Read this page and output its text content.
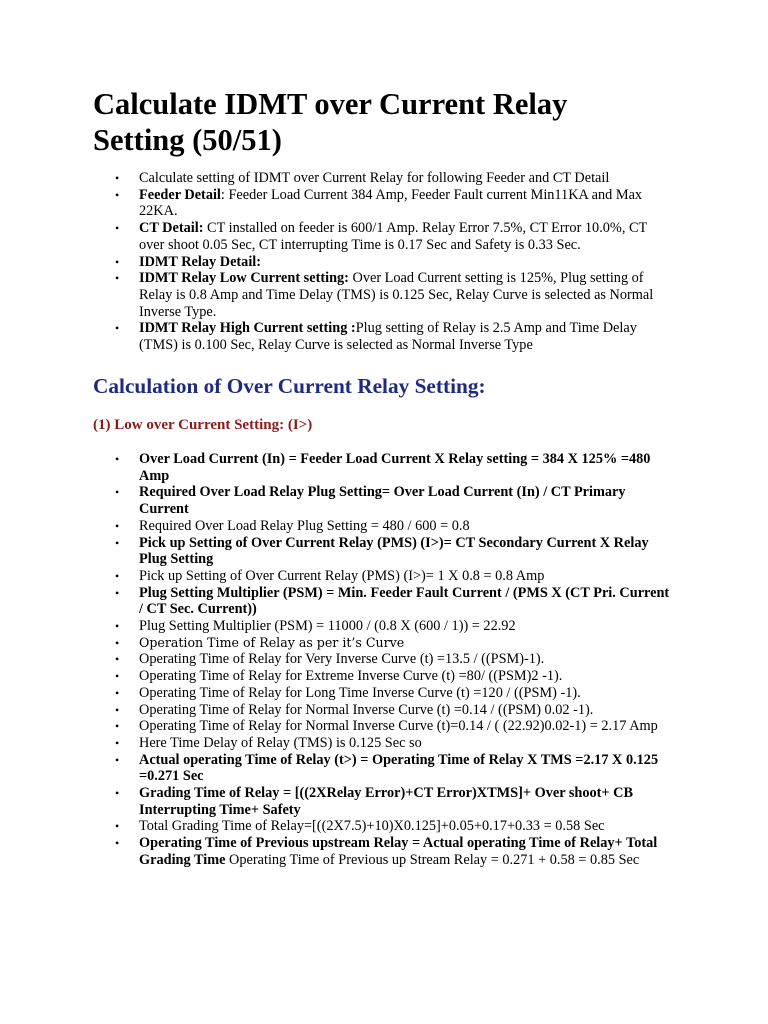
Calculate IDMT over Current Relay Setting (50/51)
• Calculate setting of IDMT over Current Relay for following Feeder and CT Detail
• Feeder Detail: Feeder Load Current 384 Amp, Feeder Fault current Min11KA and Max 22KA.
• CT Detail: CT installed on feeder is 600/1 Amp. Relay Error 7.5%, CT Error 10.0%, CT over shoot 0.05 Sec, CT interrupting Time is 0.17 Sec and Safety is 0.33 Sec.
• IDMT Relay Detail:
• IDMT Relay Low Current setting: Over Load Current setting is 125%, Plug setting of Relay is 0.8 Amp and Time Delay (TMS) is 0.125 Sec, Relay Curve is selected as Normal Inverse Type.
• IDMT Relay High Current setting :Plug setting of Relay is 2.5 Amp and Time Delay (TMS) is 0.100 Sec, Relay Curve is selected as Normal Inverse Type
Calculation of Over Current Relay Setting:
(1) Low over Current Setting: (I>)
• Over Load Current (In) = Feeder Load Current X Relay setting = 384 X 125% =480 Amp
• Required Over Load Relay Plug Setting= Over Load Current (In) / CT Primary Current
• Required Over Load Relay Plug Setting = 480 / 600 = 0.8
• Pick up Setting of Over Current Relay (PMS) (I>)= CT Secondary Current X Relay Plug Setting
• Pick up Setting of Over Current Relay (PMS) (I>)= 1 X 0.8 = 0.8 Amp
• Plug Setting Multiplier (PSM) = Min. Feeder Fault Current / (PMS X (CT Pri. Current / CT Sec. Current))
• Plug Setting Multiplier (PSM) = 11000 / (0.8 X (600 / 1)) = 22.92
• Operation Time of Relay as per it’s Curve
• Operating Time of Relay for Very Inverse Curve (t) =13.5 / ((PSM)-1).
• Operating Time of Relay for Extreme Inverse Curve (t) =80/ ((PSM)2 -1).
• Operating Time of Relay for Long Time Inverse Curve (t) =120 / ((PSM) -1).
• Operating Time of Relay for Normal Inverse Curve (t) =0.14 / ((PSM) 0.02 -1).
• Operating Time of Relay for Normal Inverse Curve (t)=0.14 / ( (22.92)0.02-1) = 2.17 Amp
• Here Time Delay of Relay (TMS) is 0.125 Sec so
• Actual operating Time of Relay (t>) = Operating Time of Relay X TMS =2.17 X 0.125 =0.271 Sec
• Grading Time of Relay = [((2XRelay Error)+CT Error)XTMS]+ Over shoot+ CB Interrupting Time+ Safety
• Total Grading Time of Relay=[((2X7.5)+10)X0.125]+0.05+0.17+0.33 = 0.58 Sec
• Operating Time of Previous upstream Relay = Actual operating Time of Relay+ Total Grading Time Operating Time of Previous up Stream Relay = 0.271 + 0.58 = 0.85 Sec
